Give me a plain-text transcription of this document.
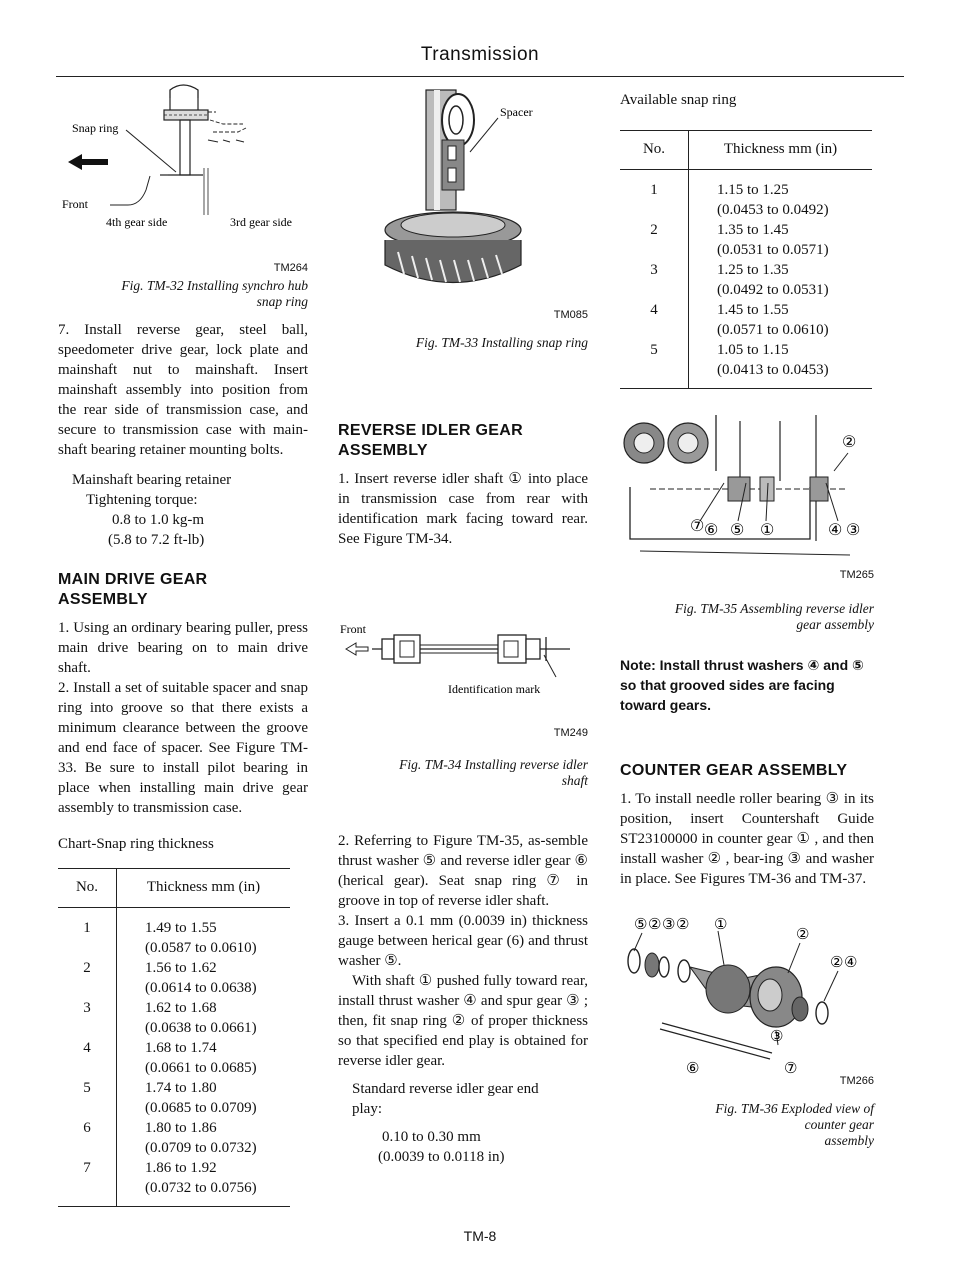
Transmission
Snap ring
Front
4th gear side	3rd gear side
TM264
Fig. TM-32 Installing synchro hub
snap ring

7. Install reverse gear, steel ball, speedometer drive gear, lock plate and mainshaft nut to mainshaft. Insert mainshaft assembly into position from the rear side of transmission case, and secure to transmission case with main-shaft bearing retainer mounting bolts.

Mainshaft bearing retainer
Tightening torque:
0.8 to 1.0 kg-m
(5.8 to 7.2 ft-lb)
MAIN DRIVE GEAR
ASSEMBLY

1. Using an ordinary bearing puller, press main drive bearing on to main drive shaft.

2. Install a set of suitable spacer and snap ring into groove so that there exists a minimum clearance between the groove and end face of spacer. See Figure TM-33. Be sure to install pilot bearing in place when installing main drive gear assembly to transmission case.

Chart-Snap ring thickness
No.	Thickness mm (in)
1	1.49 to 1.55
(0.0587 to 0.0610)

2	1.56 to 1.62
(0.0614 to 0.0638)

3	1.62 to 1.68
(0.0638 to 0.0661)

4	1.68 to 1.74
(0.0661 to 0.0685)

5	1.74 to 1.80
(0.0685 to 0.0709)

6	1.80 to 1.86
(0.0709 to 0.0732)

7	1.86 to 1.92
(0.0732 to 0.0756)
Spacer
TM085
Fig. TM-33 Installing snap ring
REVERSE IDLER GEAR
ASSEMBLY

1. Insert reverse idler shaft ① into place in transmission case from rear with identification mark facing toward rear. See Figure TM-34.

Front
Identification mark
TM249
Fig. TM-34 Installing reverse idler
shaft

2. Referring to Figure TM-35, as-semble thrust washer ⑤ and reverse idler gear ⑥ (herical gear). Seat snap ring ⑦ in groove in top of reverse idler shaft.

3. Insert a 0.1 mm (0.0039 in) thickness gauge between herical gear (6) and thrust washer ⑤.

With shaft ① pushed fully toward rear, install thrust washer ④ and spur gear ③ ; then, fit snap ring ② of proper thickness so that specified end play is obtained for reverse idler gear.

Standard reverse idler gear end
play:
0.10 to 0.30 mm
(0.0039 to 0.0118 in)
Available snap ring
No.	Thickness mm (in)
1	1.15 to 1.25
(0.0453 to 0.0492)

2	1.35 to 1.45
(0.0531 to 0.0571)

3	1.25 to 1.35
(0.0492 to 0.0531)

4	1.45 to 1.55
(0.0571 to 0.0610)

5	1.05 to 1.15
(0.0413 to 0.0453)
②
⑦ ⑥ ⑤ ①	④ ③
TM265
Fig. TM-35 Assembling reverse idler
gear assembly

Note: Install thrust washers ④ and ⑤ so that grooved sides are facing toward gears.

COUNTER GEAR ASSEMBLY

1. To install needle roller bearing ③ in its position, insert Countershaft Guide ST23100000 in counter gear ① , and then install washer ② , bear-ing ③ and washer in place. See Figures TM-36 and TM-37.

⑤ ② ③ ② ①
②
② ④
③
⑥	⑦
TM266
Fig. TM-36 Exploded view of
counter gear
assembly
TM-8
